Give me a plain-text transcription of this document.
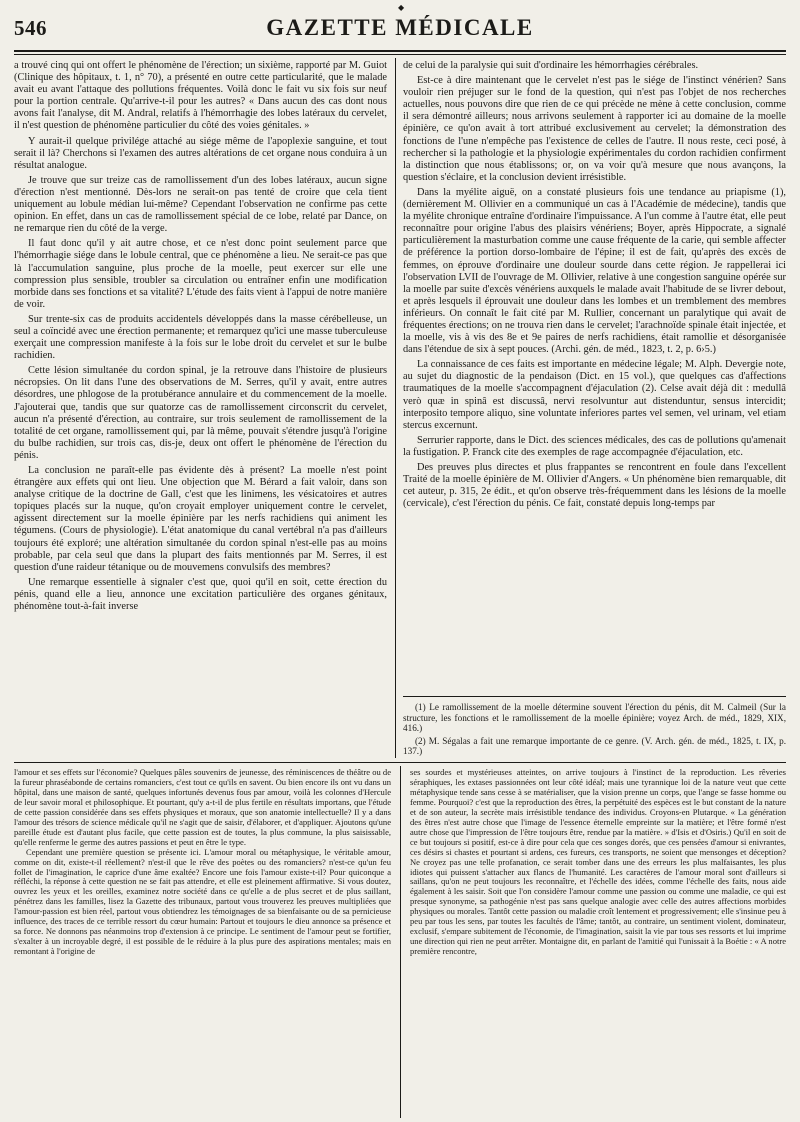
◆
546	GAZETTE MÉDICALE

a trouvé cinq qui ont offert le phénomène de l'érection; un sixième, rapporté par M. Guiot (Clinique des hôpitaux, t. 1, n° 70), a présenté en outre cette particularité, que le malade avait eu avant l'attaque des pollutions fréquentes. Voilà donc le fait vu six fois sur neuf pour la portion centrale. Qu'arrive-t-il pour les autres? « Dans aucun des cas dont nous avons fait l'analyse, dit M. Andral, relatifs à l'hémorrhagie des lobes latéraux du cervelet, il n'est question de phénomène particulier du côté des voies génitales. »

Y aurait-il quelque privilége attaché au siége même de l'apoplexie sanguine, et tout serait il là? Cherchons si l'examen des autres altérations de cet organe nous conduira à un résultat analogue.

Je trouve que sur treize cas de ramollissement d'un des lobes latéraux, aucun signe d'érection n'est mentionné. Dès-lors ne serait-on pas tenté de croire que cela tient uniquement au lobule médian lui-même? Cependant l'observation ne confirme pas cette opinion. En effet, dans un cas de ramollissement spécial de ce lobe, relaté par Dance, on ne remarque rien du côté de la verge.

Il faut donc qu'il y ait autre chose, et ce n'est donc point seulement parce que l'hémorrhagie siége dans le lobule central, que ce phénomène a lieu. Ne serait-ce pas que là l'accumulation sanguine, plus proche de la moelle, peut exercer sur elle une compression plus sensible, troubler sa circulation ou entraîner enfin une modification morbide dans ses fonctions et sa vitalité? L'étude des faits vient à l'appui de notre manière de voir.

Sur trente-six cas de produits accidentels développés dans la masse cérébelleuse, un seul a coïncidé avec une érection permanente; et remarquez qu'ici une masse tuberculeuse exerçait une compression manifeste à la fois sur le lobe droit du cervelet et sur le bulbe rachidien.

Cette lésion simultanée du cordon spinal, je la retrouve dans l'histoire de plusieurs nécropsies. On lit dans l'une des observations de M. Serres, qu'il y avait, entre autres désordres, une phlogose de la protubérance annulaire et du commencement de la moelle. J'ajouterai que, tandis que sur quatorze cas de ramollissement circonscrit du cervelet, aucun n'a présenté d'érection, au contraire, sur trois seulement de ramollissement de la totalité de cet organe, ramollissement qui, par là même, pouvait s'étendre jusqu'à l'origine du bulbe rachidien, sur trois cas, dis-je, deux ont offert le phénomène de l'érection du pénis.

La conclusion ne paraît-elle pas évidente dès à présent? La moelle n'est point étrangère aux effets qui ont lieu. Une objection que M. Bérard a fait valoir, dans son analyse critique de la doctrine de Gall, c'est que les linimens, les vésicatoires et autres topiques placés sur la nuque, qu'on croyait employer uniquement contre le cervelet, agissent directement sur la moelle épinière par les nerfs rachidiens qui animent les tégumens. (Cours de physiologie). L'état anatomique du canal vertébral n'a pas d'ailleurs toujours été exploré; une altération simultanée du cordon spinal n'est-elle pas au moins probable, par cela seul que dans la plupart des faits mentionnés par M. Serres, il est question d'une raideur tétanique ou de mouvemens convulsifs des membres?

Une remarque essentielle à signaler c'est que, quoi qu'il en soit, cette érection du pénis, quand elle a lieu, annonce une excitation particulière des organes génitaux, phénomène tout-à-fait inverse

de celui de la paralysie qui suit d'ordinaire les hémorrhagies cérébrales.

Est-ce à dire maintenant que le cervelet n'est pas le siége de l'instinct vénérien? Sans vouloir rien préjuger sur le fond de la question, qui n'est pas l'objet de nos recherches actuelles, nous pouvons dire que rien de ce qui précède ne mène à cette conclusion, comme il sera démontré ailleurs; nous arrivons seulement à rapporter ici au domaine de la moelle épinière, ce qu'on avait à tort attribué exclusivement au cervelet; la démonstration des fonctions de l'une n'empêche pas l'existence de celles de l'autre. Il nous reste, ceci posé, à rechercher si la pathologie et la physiologie expérimentales du cordon rachidien confirment la distinction que nous établissons; or, on va voir qu'à mesure que nous avançons, la question s'éclaire, et la conclusion devient irrésistible.

Dans la myélite aiguë, on a constaté plusieurs fois une tendance au priapisme (1), (dernièrement M. Ollivier en a communiqué un cas à l'Académie de médecine), tandis que la myélite chronique entraîne d'ordinaire l'impuissance. A l'un comme à l'autre état, elle peut reconnaître pour origine l'abus des plaisirs vénériens; Boyer, après Hippocrate, a signalé particulièrement la masturbation comme une cause fréquente de la carie, qui semble affecter de préférence la portion dorso-lombaire de l'épine; il est de fait, qu'après des excès de femmes, on éprouve d'ordinaire une douleur sourde dans cette région. Je rappellerai ici l'observation LVII de l'ouvrage de M. Ollivier, relative à une congestion sanguine opérée sur la moelle par suite d'excès vénériens auxquels le malade avait l'habitude de se livrer debout, et après lesquels il éprouvait une douleur dans les lombes et un tremblement des membres inférieurs. On connaît le fait cité par M. Rullier, concernant un paralytique qui avait de fréquentes érections; on ne trouva rien dans le cervelet; l'arachnoïde spinale était injectée, et la moelle, vis à vis des 8e et 9e paires de nerfs rachidiens, était ramollie et désorganisée dans l'étendue de six à sept pouces. (Archi. gén. de méd., 1823, t. 2, p. 6›5.)

La connaissance de ces faits est importante en médecine légale; M. Alph. Devergie note, au sujet du diagnostic de la pendaison (Dict. en 15 vol.), que quelques cas d'affections traumatiques de la moelle s'accompagnent d'éjaculation (2). Celse avait déjà dit : medullâ verò quæ in spinâ est discussâ, nervi resolvuntur aut distenduntur, sensus intercidit; interposito tempore aliquo, sine voluntate inferiores partes vel semen, vel urinam, vel etiam stercus excernunt.

Serrurier rapporte, dans le Dict. des sciences médicales, des cas de pollutions qu'amenait la fustigation. P. Franck cite des exemples de rage accompagnée d'éjaculation, etc.

Des preuves plus directes et plus frappantes se rencontrent en foule dans l'excellent Traité de la moelle épinière de M. Ollivier d'Angers. « Un phénomène bien remarquable, dit cet auteur, p. 315, 2e édit., et qu'on observe très-fréquemment dans les lésions de la moelle (cervicale), c'est l'érection du pénis. Ce fait, constaté depuis long-temps par

(1) Le ramollissement de la moelle détermine souvent l'érection du pénis, dit M. Calmeil (Sur la structure, les fonctions et le ramollissement de la moelle épinière; voyez Arch. de méd., 1829, XIX, 416.)

(2) M. Ségalas a fait une remarque importante de ce genre. (V. Arch. gén. de méd., 1825, t. IX, p. 137.)

l'amour et ses effets sur l'économie? Quelques pâles souvenirs de jeunesse, des réminiscences de théâtre ou de la fureur phraséabonde de certains romanciers, c'est tout ce qu'ils en savent. Ou bien encore ils ont vu dans un hôpital, dans une maison de santé, quelques infortunés devenus fous par amour, voilà les colonnes d'Hercule de leur savoir moral et philosophique. Et pourtant, qu'y a-t-il de plus fertile en résultats importans, que l'étude de cette passion considérée dans ses effets physiques et moraux, que son anatomie intellectuelle? Il y a dans l'amour des trésors de science médicale qu'il ne s'agit que de saisir, d'élaborer, et d'appliquer. Ajoutons qu'une pareille étude est d'autant plus facile, que cette passion est de toutes, la plus commune, la plus saisissable, qu'elle renferme le germe des autres passions et peut en être le type.

Cependant une première question se présente ici. L'amour moral ou métaphysique, le véritable amour, comme on dit, existe-t-il réellement? n'est-il que le rêve des poètes ou des romanciers? n'est-ce qu'un feu follet de l'imagination, le caprice d'une âme exaltée? Encore une fois l'amour existe-t-il? Pour quiconque a réfléchi, la réponse à cette question ne se fait pas attendre, et elle est pleinement affirmative. Si vous doutez, ouvrez les yeux et les oreilles, examinez notre société dans ce qu'elle a de plus secret et de plus saillant, pénétrez dans les familles, lisez la Gazette des tribunaux, partout vous trouverez les preuves multipliées que l'amour-passion est bien réel, partout vous obtiendrez les témoignages de sa bienfaisante ou de sa pernicieuse influence, des traces de ce terrible ressort du cœur humain: Partout et toujours le dieu annonce sa présence et sa force. Ne donnons pas néanmoins trop d'extension à ce principe. Le sentiment de l'amour peut se fortifier, s'exalter à un incroyable degré, il est possible de le réduire à la plus pure des aspirations mentales; mais en remontant à l'origine de

ses sourdes et mystérieuses atteintes, on arrive toujours à l'instinct de la reproduction. Les rêveries séraphiques, les extases passionnées ont leur côté idéal; mais une tyrannique loi de la nature veut que cette métaphysique tende sans cesse à se matérialiser, que la vision prenne un corps, que l'ange se fasse homme ou femme. Pourquoi? c'est que la reproduction des êtres, la perpétuité des espèces est le but constant de la nature et de son auteur, la secrète mais irrésistible tendance des individus. Croyons-en Plutarque. « La génération des êtres n'est autre chose que l'image de l'essence éternelle empreinte sur la matière; et l'être formé n'est autre chose que l'impression de l'être toujours être, rendue par la matière. » d'Isis et d'Osiris.) Qu'il en soit de ce but toujours si positif, est-ce à dire pour cela que ces songes dorés, que ces pensées d'amour si enivrantes, ces désirs si chastes et pourtant si ardens, ces fureurs, ces transports, ne soient que mensonges et déception? Ne croyez pas une telle profanation, ce serait tomber dans une des erreurs les plus malfaisantes, les plus idiotes qui puissent s'attacher aux flancs de l'humanité. Les caractères de l'amour moral sont d'ailleurs si saillans, qu'on ne peut toujours les reconnaître, et l'échelle des idées, comme l'échelle des faits, nous aide également à les saisir. Soit que l'on considère l'amour comme une passion ou comme une maladie, ce qui est presque synonyme, sa pathogénie n'est pas sans quelque analogie avec celle des autres affections morbides physiques ou morales. Tantôt cette passion ou maladie croît lentement et progressivement; elle s'insinue peu à peu par tous les sens, par toutes les facultés de l'âme; tantôt, au contraire, un sentiment violent, dominateur, exclusif, s'empare subitement de l'économie, de l'imagination, saisit la vie par tous ses ressorts et lui imprime une direction qui rien ne peut arrêter. Montaigne dit, en parlant de l'amitié qui l'unissait à la Boétie : « A notre première rencontre,
